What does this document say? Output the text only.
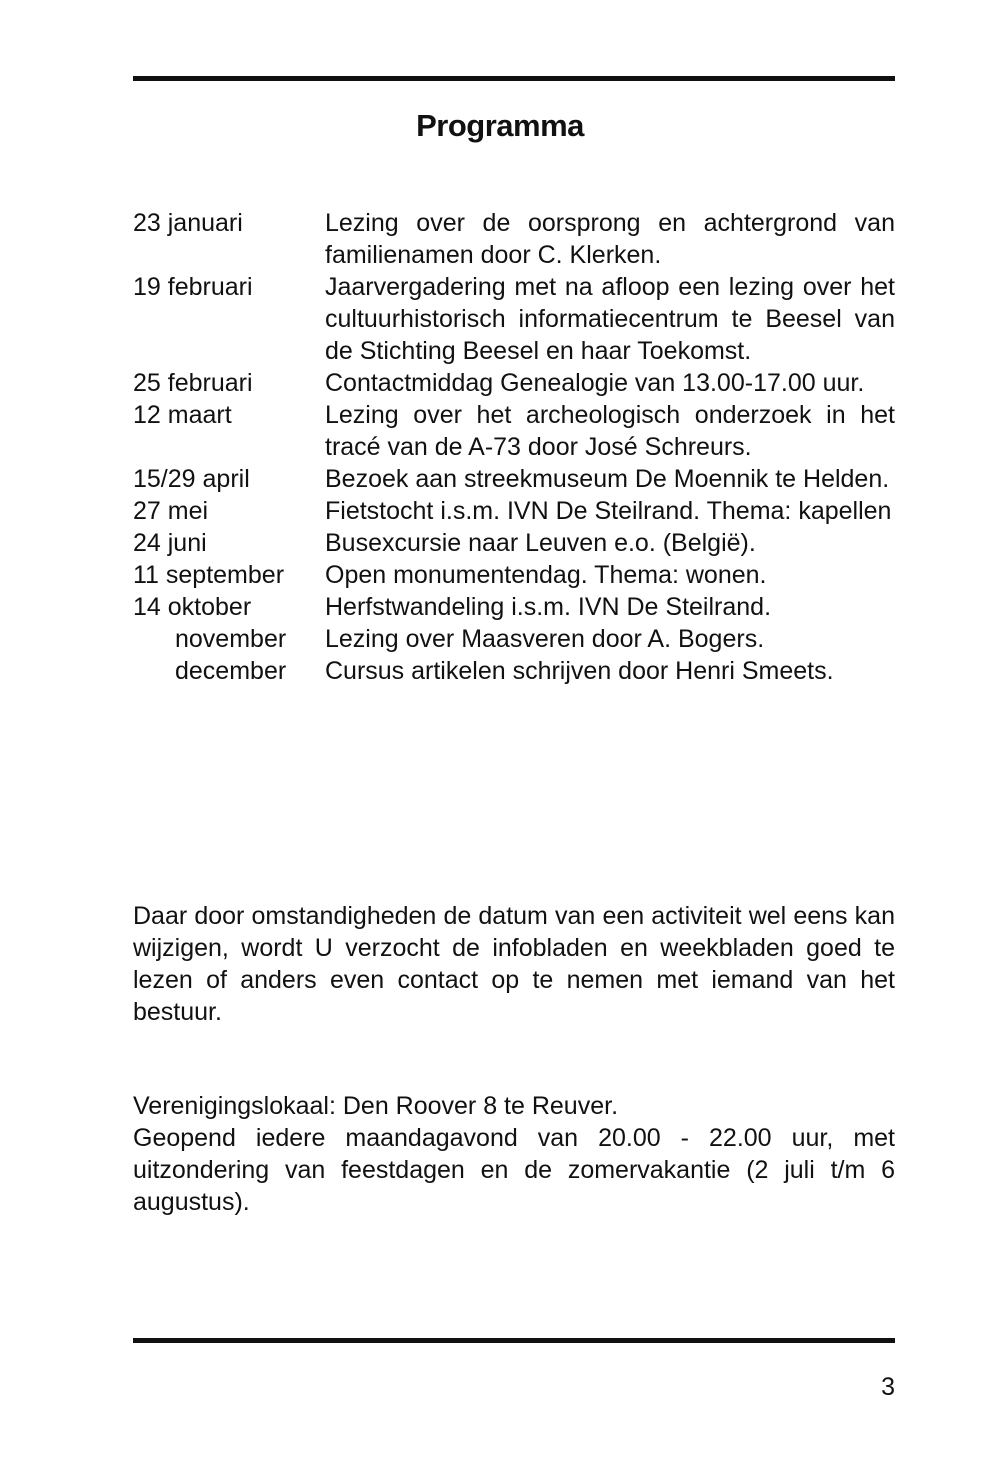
Programma
23 januari	Lezing over de oorsprong en achtergrond van familienamen door C. Klerken.
19 februari	Jaarvergadering met na afloop een lezing over het cultuurhistorisch informatiecentrum te Beesel van de Stichting Beesel en haar Toekomst.
25 februari	Contactmiddag Genealogie van 13.00-17.00 uur.
12 maart	Lezing over het archeologisch onderzoek in het tracé van de A-73 door José Schreurs.
15/29 april	Bezoek aan streekmuseum De Moennik te Helden.
27 mei	Fietstocht i.s.m. IVN De Steilrand. Thema: kapellen
24 juni	Busexcursie naar Leuven e.o. (België).
11 september	Open monumentendag. Thema: wonen.
14 oktober	Herfstwandeling i.s.m. IVN De Steilrand.
november	Lezing over Maasveren door A. Bogers.
december	Cursus artikelen schrijven door Henri Smeets.
Daar door omstandigheden de datum van een activiteit wel eens kan wijzigen, wordt U verzocht de infobladen en weekbladen goed te lezen of anders even contact op te nemen met iemand van het bestuur.
Verenigingslokaal: Den Roover 8 te Reuver.
Geopend iedere maandagavond van 20.00 - 22.00 uur, met uitzondering van feestdagen en de zomervakantie (2 juli t/m 6 augustus).
3
